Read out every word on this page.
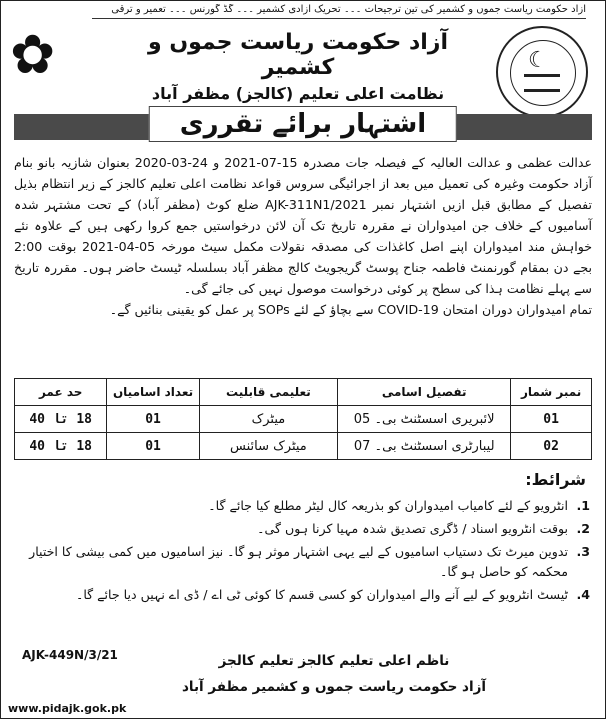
آزاد حکومت ریاست جموں و کشمیر کی تین ترجیحات ۔۔۔ تحریک آزادی کشمیر ۔۔۔ گڈ گورنس ۔۔۔ تعمیر و ترقی
☾
✿	آزاد حکومت ریاست جموں و کشمیر
نظامت اعلی تعلیم (کالجز) مظفر آباد
اشتہار برائے تقرری

عدالت عظمی و عدالت العالیہ کے فیصلہ جات مصدرہ 15-07-2021 و 24-03-2020 بعنوان شازیہ بانو بنام آزاد حکومت وغیرہ کی تعمیل میں بعد از اجرائیگی سروس قواعد نظامت اعلی تعلیم کالجز کے زیر انتظام بذیل تفصیل کے مطابق قبل ازیں اشتہار نمبر AJK-311N1/2021 ضلع کوٹ (مظفر آباد) کے تحت مشتہر شدہ آسامیوں کے خلاف جن امیدواران نے مقررہ تاریخ تک آن لائن درخواستیں جمع کروا رکھی ہیں کے علاوہ نئے خواہش مند امیدواران اپنے اصل کاغذات کی مصدقہ نقولات مکمل سیٹ مورخہ 05-04-2021 بوقت 2:00 بجے دن بمقام گورنمنٹ فاطمہ جناح پوسٹ گریجویٹ کالج مظفر آباد بسلسلہ ٹیسٹ حاضر ہوں۔ مقررہ تاریخ سے پہلے نظامت ہذا کی سطح پر کوئی درخواست موصول نہیں کی جائے گی۔

تمام امیدواران دوران امتحان COVID-19 سے بچاؤ کے لئے SOPs پر عمل کو یقینی بنائیں گے۔

نمبر شمار	تفصیل اسامی	تعلیمی قابلیت	تعداد اسامیاں	حد عمر
01	لائبریری اسسٹنٹ بی۔ 05	میٹرک	01	18 تا 40
02	لیبارٹری اسسٹنٹ بی۔ 07	میٹرک سائنس	01	18 تا 40
شرائط:
1.
انٹرویو کے لئے کامیاب امیدواران کو بذریعہ کال لیٹر مطلع کیا جائے گا۔
2.
بوقت انٹرویو اسناد / ڈگری تصدیق شدہ مہیا کرنا ہوں گی۔
3.
تدوین میرٹ تک دستیاب اسامیوں کے لیے یہی اشتہار موثر ہو گا۔ نیز اسامیوں میں کمی بیشی کا اختیار محکمہ کو حاصل ہو گا۔
4.
ٹیسٹ انٹرویو کے لیے آنے والے امیدواران کو کسی قسم کا کوئی ٹی اے / ڈی اے نہیں دیا جائے گا۔
ناظم اعلی تعلیم کالجز تعلیم کالجز
آزاد حکومت ریاست جموں و کشمیر مظفر آباد
AJK-449N/3/21
www.pidajk.gok.pk
